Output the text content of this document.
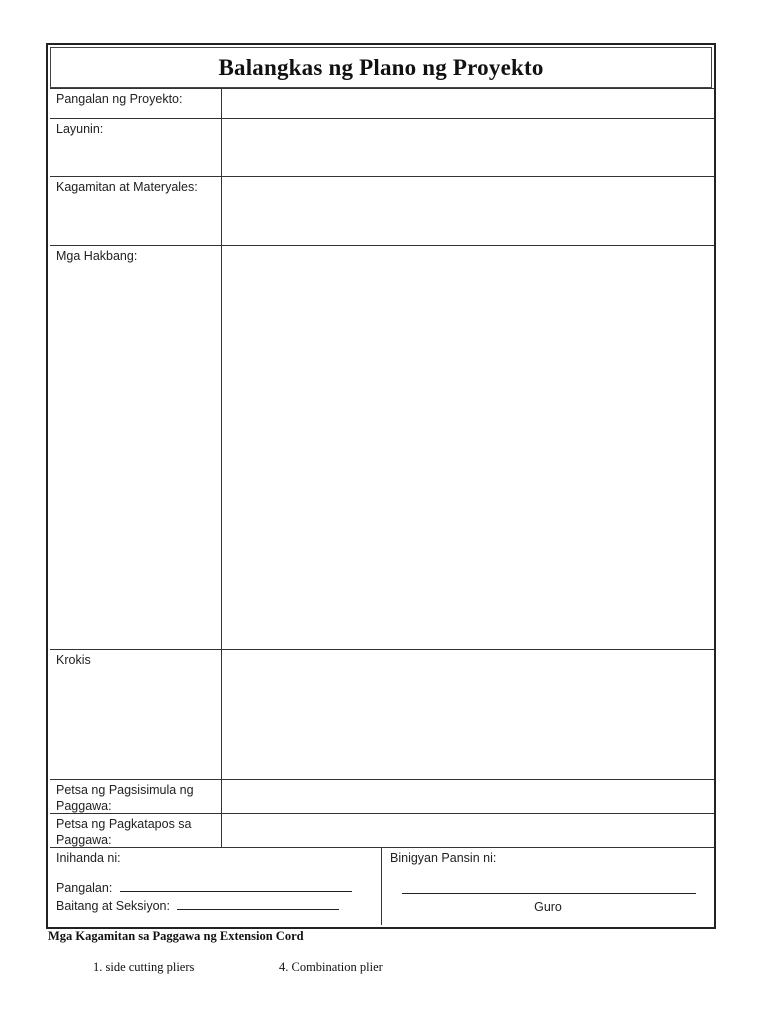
Balangkas ng Plano ng Proyekto
Pangalan ng Proyekto:
Layunin:
Kagamitan at Materyales:
Mga Hakbang:
Krokis
Petsa ng Pagsisimula ng Paggawa:
Petsa ng Pagkatapos sa Paggawa:
Inihanda ni:
Pangalan:
Baitang at Seksiyon:
Binigyan Pansin ni:
Guro
Mga Kagamitan sa Paggawa ng Extension Cord
1. side cutting pliers	4. Combination plier
